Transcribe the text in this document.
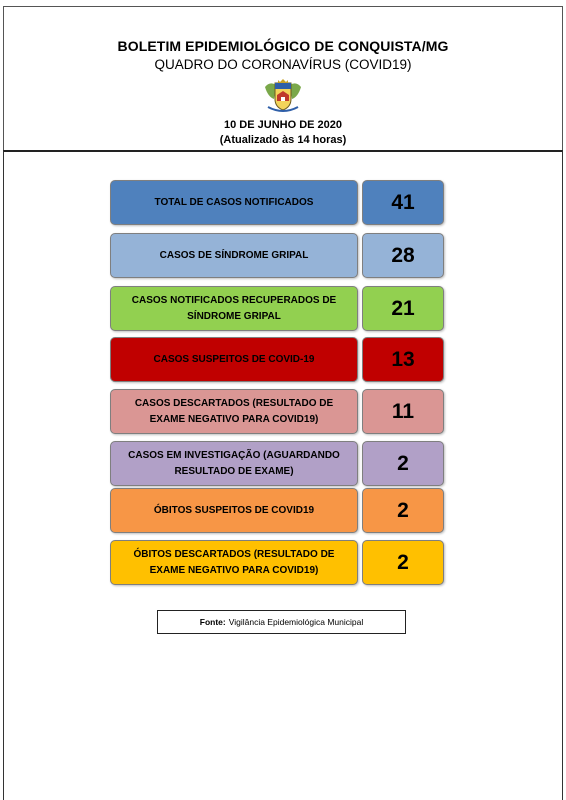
BOLETIM EPIDEMIOLÓGICO DE CONQUISTA/MG
QUADRO DO CORONAVÍRUS (COVID19)
10 DE JUNHO DE 2020
(Atualizado às 14 horas)
TOTAL DE CASOS NOTIFICADOS	41
CASOS DE SÍNDROME GRIPAL	28
CASOS NOTIFICADOS RECUPERADOS DE SÍNDROME GRIPAL	21
CASOS SUSPEITOS DE COVID-19	13
CASOS DESCARTADOS (RESULTADO DE EXAME NEGATIVO PARA COVID19)	11
CASOS EM INVESTIGAÇÃO (AGUARDANDO RESULTADO DE EXAME)	2
ÓBITOS SUSPEITOS DE COVID19	2
ÓBITOS DESCARTADOS (RESULTADO DE EXAME NEGATIVO PARA COVID19)	2
Fonte: Vigilância Epidemiológica Municipal
